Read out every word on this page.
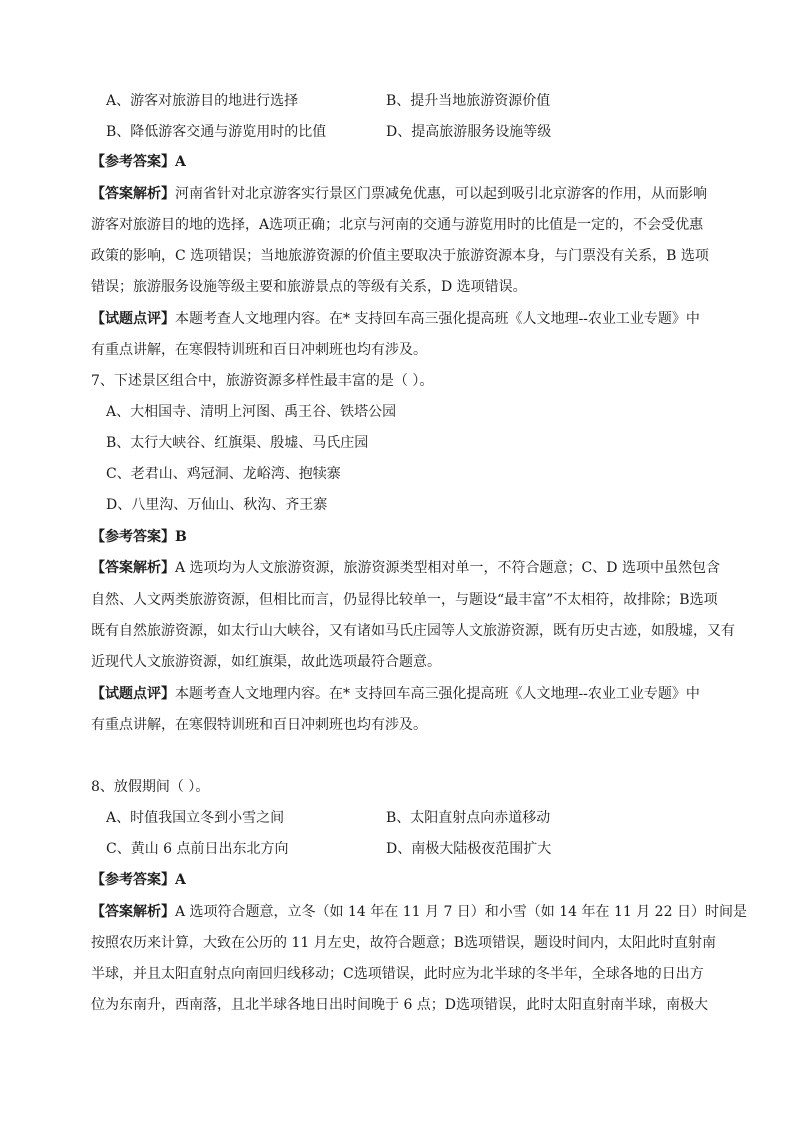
A、游客对旅游目的地进行选择	B、提升当地旅游资源价值
B、降低游客交通与游览用时的比值	D、提高旅游服务设施等级
【参考答案】A
【答案解析】河南省针对北京游客实行景区门票减免优惠，可以起到吸引北京游客的作用，从而影响
游客对旅游目的地的选择，A选项正确；北京与河南的交通与游览用时的比值是一定的，不会受优惠
政策的影响，C 选项错误；当地旅游资源的价值主要取决于旅游资源本身，与门票没有关系，B 选项
错误；旅游服务设施等级主要和旅游景点的等级有关系，D 选项错误。
【试题点评】本题考查人文地理内容。在* 支持回车高三强化提高班《人文地理--农业工业专题》中
有重点讲解，在寒假特训班和百日冲刺班也均有涉及。
7、下述景区组合中，旅游资源多样性最丰富的是（ ）。
A、大相国寺、清明上河图、禹王谷、铁塔公园
B、太行大峡谷、红旗渠、殷墟、马氏庄园
C、老君山、鸡冠洞、龙峪湾、抱犊寨
D、八里沟、万仙山、秋沟、齐王寨
【参考答案】B
【答案解析】A 选项均为人文旅游资源，旅游资源类型相对单一，不符合题意；C、D 选项中虽然包含
自然、人文两类旅游资源，但相比而言，仍显得比较单一，与题设“最丰富”不太相符，故排除；B选项
既有自然旅游资源，如太行山大峡谷，又有诸如马氏庄园等人文旅游资源，既有历史古迹，如殷墟，又有
近现代人文旅游资源，如红旗渠，故此选项最符合题意。
【试题点评】本题考查人文地理内容。在* 支持回车高三强化提高班《人文地理--农业工业专题》中
有重点讲解，在寒假特训班和百日冲刺班也均有涉及。
8、放假期间（ ）。
A、时值我国立冬到小雪之间	B、太阳直射点向赤道移动
C、黄山 6 点前日出东北方向	D、南极大陆极夜范围扩大
【参考答案】A
【答案解析】A 选项符合题意，立冬（如 14 年在 11 月 7 日）和小雪（如 14 年在 11 月 22 日）时间是
按照农历来计算，大致在公历的 11 月左史，故符合题意；B选项错误，题设时间内，太阳此时直射南
半球，并且太阳直射点向南回归线移动；C选项错误，此时应为北半球的冬半年，全球各地的日出方
位为东南升，西南落，且北半球各地日出时间晚于 6 点；D选项错误，此时太阳直射南半球，南极大
